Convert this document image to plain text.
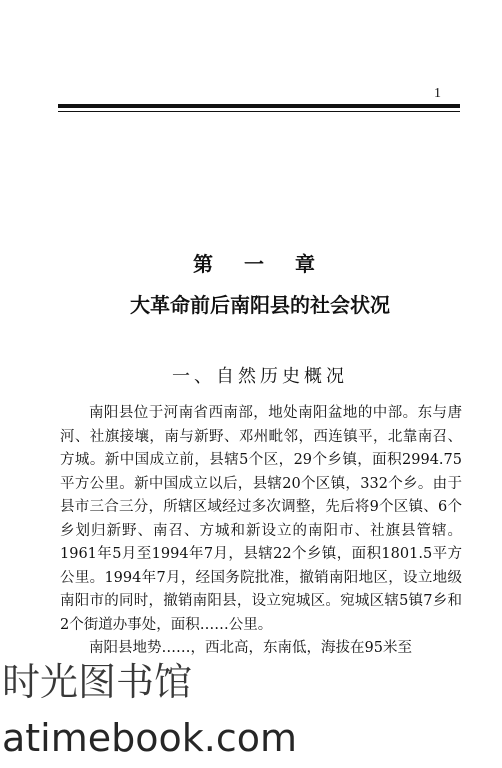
1
第 一 章
大革命前后南阳县的社会状况
一、自然历史概况

南阳县位于河南省西南部，地处南阳盆地的中部。东与唐河、社旗接壤，南与新野、邓州毗邻，西连镇平，北靠南召、方城。新中国成立前，县辖5个区，29个乡镇，面积2994.75平方公里。新中国成立以后，县辖20个区镇，332个乡。由于县市三合三分，所辖区域经过多次调整，先后将9个区镇、6个乡划归新野、南召、方城和新设立的南阳市、社旗县管辖。1961年5月至1994年7月，县辖22个乡镇，面积1801.5平方公里。1994年7月，经国务院批准，撤销南阳地区，设立地级南阳市的同时，撤销南阳县，设立宛城区。宛城区辖5镇7乡和2个街道办事处，面积……公里。

南阳县地势……，西北高，东南低，海拔在95米至

时光图书馆
atimebook.com
